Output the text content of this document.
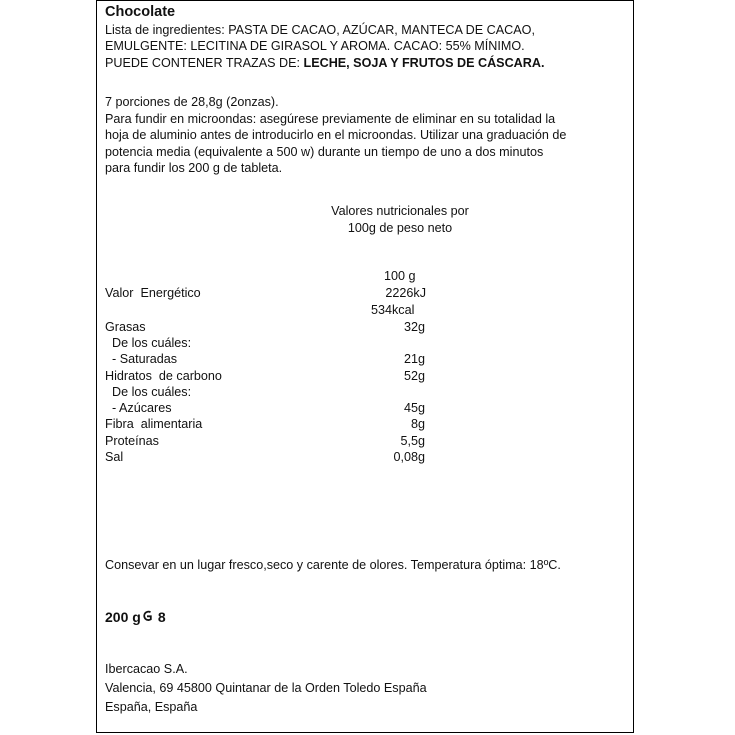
Chocolate
Lista de ingredientes: PASTA DE CACAO, AZÚCAR, MANTECA DE CACAO,
EMULGENTE: LECITINA DE GIRASOL Y AROMA. CACAO: 55% MÍNIMO.
PUEDE CONTENER TRAZAS DE: LECHE, SOJA Y FRUTOS DE CÁSCARA.
7 porciones de 28,8g (2onzas).
Para fundir en microondas: asegúrese previamente de eliminar en su totalidad la
hoja de aluminio antes de introducirlo en el microondas. Utilizar una graduación de
potencia media (equivalente a 500 w) durante un tiempo de uno a dos minutos
para fundir los 200 g de tableta.
Valores nutricionales por
100g de peso neto
100 g
Valor  Energético	2226kJ
534kcal
Grasas	32g
De los cuáles:
- Saturadas	21g
Hidratos  de carbono	52g
De los cuáles:
- Azúcares	45g
Fibra  alimentaria	8g
Proteínas	5,5g
Sal	0,08g
Consevar en un lugar fresco,seco y carente de olores. Temperatura óptima: 18ºC.
200 g 8
Ibercacao S.A.
Valencia, 69 45800 Quintanar de la Orden Toledo España
España, España
